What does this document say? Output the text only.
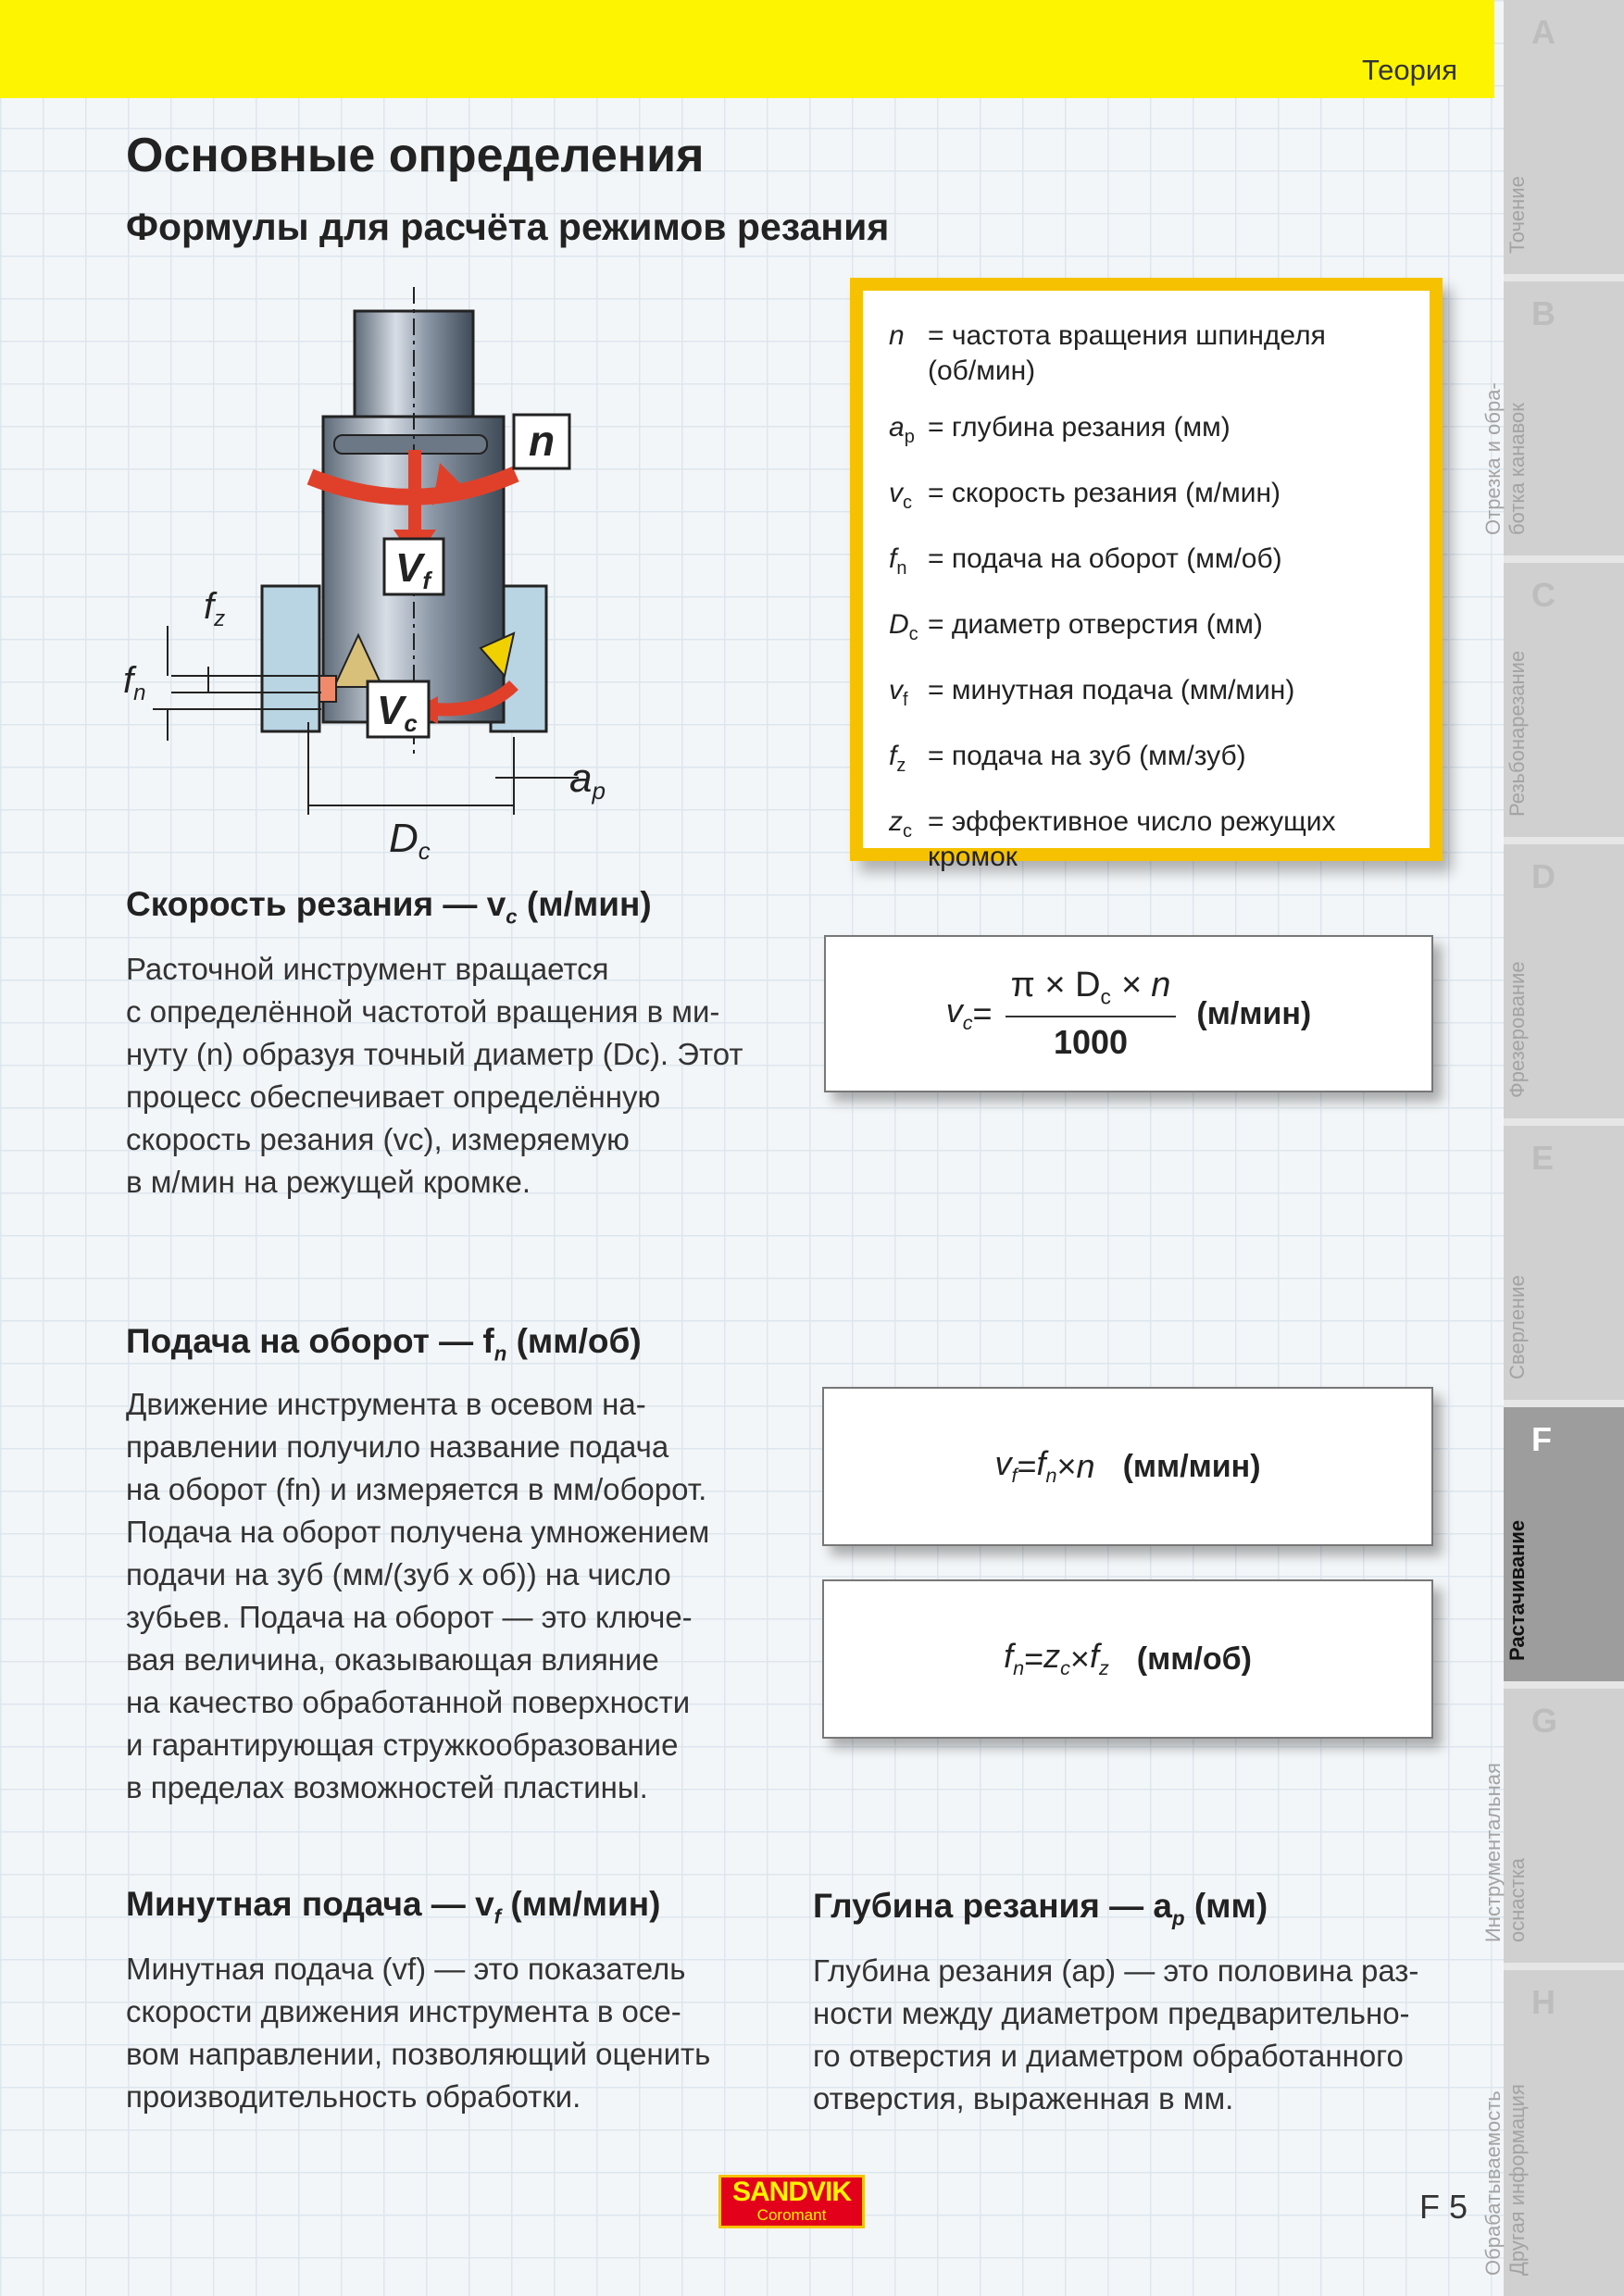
Теория
A
Точение
B
Отрезка и обра-
ботка канавок
C
Резьбонарезание
D
Фрезерование
E
Сверление
F
Растачивание
G
Инструментальная
оснастка
H
Обрабатываемость
Другая информация
Основные определения
Формулы для расчёта режимов резания
n
Vf
Vc
$f_z$
$f_n$
Dc
ap
n = частота вращения шпинделя
(об/мин)
$a_p$ = глубина резания (мм)
$v_c$ = скорость резания (м/мин)
$f_n$ = подача на оборот (мм/об)
$D_c$ = диаметр отверстия (мм)
$v_f$ = минутная подача (мм/мин)
$f_z$ = подача на зуб (мм/зуб)
$z_c$ = эффективное число режущих
кромок
Скорость резания — $v_c$ (м/мин)
Расточной инструмент вращается
с определённой частотой вращения в ми-
нуту (n) образуя точный диаметр (Dc). Этот
процесс обеспечивает определённую
скорость резания (vc), измеряемую
в м/мин на режущей кромке.
$v_c = \frac{\pi \times D_c \times n}{1000} (м/мин)$
Подача на оборот — $f_n$ (мм/об)
Движение инструмента в осевом на-
правлении получило название подача
на оборот (fn) и измеряется в мм/оборот.
Подача на оборот получена умножением
подачи на зуб (мм/(зуб х об)) на число
зубьев. Подача на оборот — это ключе-
вая величина, оказывающая влияние
на качество обработанной поверхности
и гарантирующая стружкообразование
в пределах возможностей пластины.
$v_f = f_n \times n$ (мм/мин)
$f_n = z_c \times f_z$ (мм/об)
Минутная подача — $v_f$ (мм/мин)
Минутная подача (vf) — это показатель
скорости движения инструмента в осе-
вом направлении, позволяющий оценить
производительность обработки.
Глубина резания — $a_p$ (мм)
Глубина резания (ap) — это половина раз-
ности между диаметром предварительно-
го отверстия и диаметром обработанного
отверстия, выраженная в мм.
SANDVIK
Coromant	F 5
